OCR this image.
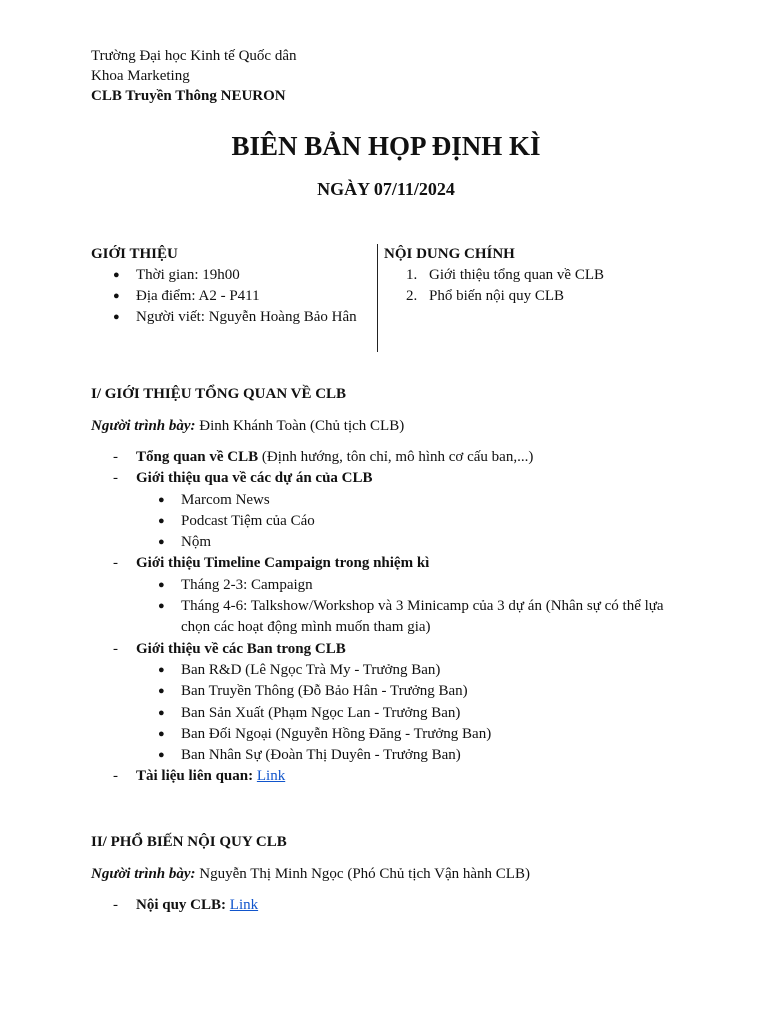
Trường Đại học Kinh tế Quốc dân
Khoa Marketing
CLB Truyền Thông NEURON
BIÊN BẢN HỌP ĐỊNH KÌ
NGÀY 07/11/2024
GIỚI THIỆU
● Thời gian: 19h00
● Địa điểm: A2 - P411
● Người viết: Nguyễn Hoàng Bảo Hân
NỘI DUNG CHÍNH
1. Giới thiệu tổng quan về CLB
2. Phổ biến nội quy CLB
I/ GIỚI THIỆU TỔNG QUAN VỀ CLB
Người trình bày: Đinh Khánh Toàn (Chủ tịch CLB)
- Tổng quan về CLB (Định hướng, tôn chỉ, mô hình cơ cấu ban,...)
- Giới thiệu qua về các dự án của CLB
● Marcom News
● Podcast Tiệm của Cáo
● Nộm
- Giới thiệu Timeline Campaign trong nhiệm kì
● Tháng 2-3: Campaign
● Tháng 4-6: Talkshow/Workshop và 3 Minicamp của 3 dự án (Nhân sự có thể lựa chọn các hoạt động mình muốn tham gia)
- Giới thiệu về các Ban trong CLB
● Ban R&D (Lê Ngọc Trà My - Trưởng Ban)
● Ban Truyền Thông (Đỗ Bảo Hân - Trưởng Ban)
● Ban Sản Xuất (Phạm Ngọc Lan - Trưởng Ban)
● Ban Đối Ngoại (Nguyễn Hồng Đăng - Trưởng Ban)
● Ban Nhân Sự (Đoàn Thị Duyên - Trưởng Ban)
- Tài liệu liên quan: Link
II/ PHỔ BIẾN NỘI QUY CLB
Người trình bày: Nguyễn Thị Minh Ngọc (Phó Chủ tịch Vận hành CLB)
- Nội quy CLB: Link
